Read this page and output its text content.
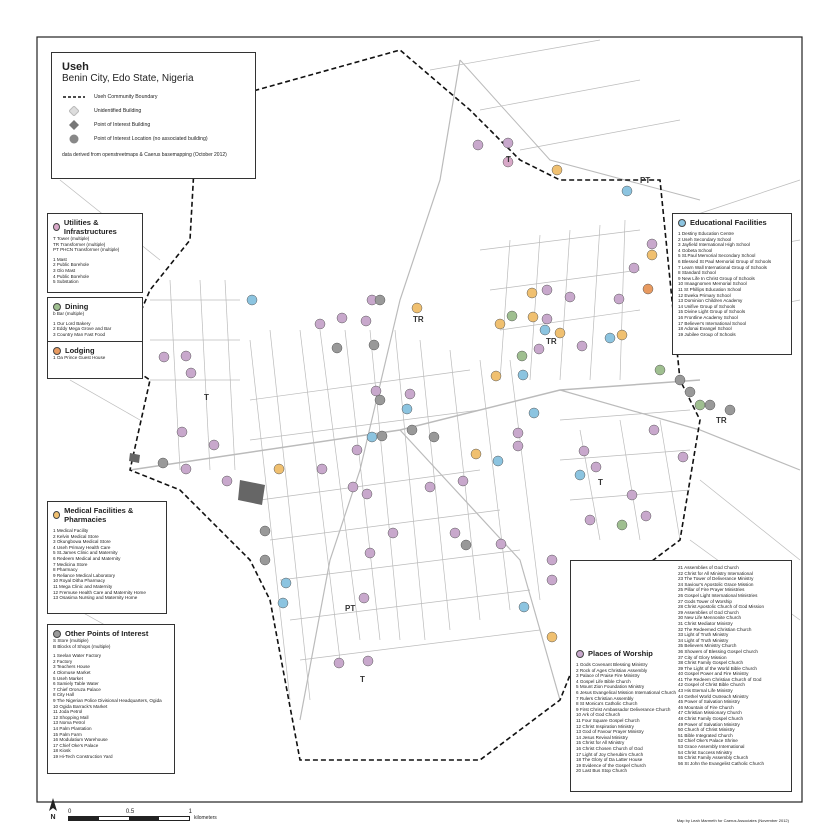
T
T
T
PT
TR
TR
TR
PT
T
Useh
Benin City, Edo State, Nigeria
Useh Community Boundary
Unidentified Building
Point of Interest Building
Point of Interest Location (no associated building)
data derived from openstreetmaps & Caerus basemapping (October 2012)
Utilities & Infrastructures
T Tower (multiple)
TR Transformer (multiple)
PT PHCN Transformer (multiple)
1 Mast
2 Public Borehole
3 Glo Mast
4 Public Borehole
5 Substation
Dining
b Bar (multiple)
1 Our Lord Bakery
2 Eddy Mega Grove and Bar
3 Country Man Fast Food
Lodging
1 Oa Prince Guest House
Medical Facilities & Pharmacies
1 Medical Facility
2 Kelvin Medical Store
3 Okungbowa Medical Store
4 Useh Primary Health Care
5 St.James Clinic and Maternity
6 Redeem Medical and Maternity
7 Medicina Store
8 Pharmacy
9 Reliance Medical Laboratory
10 Royal Ditha Pharmacy
11 Mega Clinic and Maternity
12 Fremuse Health Care and Maternity Home
13 Osasima Nursing and Maternity Home
Other Points of Interest
S Store (multiple)
B Blocks of Shops (multiple)
1 Seelan Water Factory
2 Factory
3 Teachers House
4 Olomuse Market
5 Useh Market
6 Samiely Table Water
7 Chief Ororuza Palace
8 City Hall
9 The Nigerian Police Divisional Headquarters, Ogida
10 Ogida Barrack's Market
11 Joda Petrol
12 Shopping Mall
13 Noma Petrol
14 Palm Plantation
15 Palm Farm
16 Modulatium Warehouse
17 Chief Oke's Palace
18 Kiosk
19 Hi-Tech Construction Yard
Educational Facilities
1 Destiny Education Centre
2 Useh Secondary School
3 Jayfield International High School
4 Gobeta School
5 St.Paul Memorial Secondary School
6 Blessed St Paul Memorial Group of Schools
7 Learn Wall International Group of Schools
8 Standard School
9 New Life In Christ Group of Schools
10 Imaagnomen Memorial School
11 St Phillips Education School
12 Eweka Primary School
13 Dominion Children Academy
14 Unifive Group of Schools
15 Divine Light Group of Schools
16 Frontline Academy School
17 Believer's International School
18 Adonai Evangel School
19 Jubilee Group of Schools
21 Assemblies of God Church
22 Christ for All Ministry International
23 The Tower of Deliverance Ministry
24 Saviour's Apostolic Grace Mission
25 Pillar of Fire Prayer Ministries
26 Gospel Light International Ministries
27 Gods Tower of Worship
28 Christ Apostolic Church of God Mission
29 Assemblies of God Church
30 New Life Mennonite Church
31 Christ Mediator Ministry
32 The Redeemed Christian Church
33 Light of Truth Ministry
34 Light of Truth Ministry
35 Believers Ministry Church
36 Showers of Blessing Gospel Church
37 City of Glory Mission
38 Christ Family Gospel Church
39 The Light of the World Bible Church
40 Gospel Power and Fire Ministry
41 The Redeem Christian Church of God
42 Gospel of Christ Bible Church
43 His Eternal Life Ministry
44 Gethel World Outreach Ministry
45 Power of Salvation Ministry
46 Mountain of Fire Church
47 Christian Missionary Church
48 Christ Family Gospel Church
49 Power of Salvation Ministry
50 Church of Christ Ministry
51 Bible Integrated Church
52 Chief Oke's Palace Shrine
53 Grace Assembly International
54 Christ Success Ministry
55 Christ Family Assembly Church
56 St John the Evangelist Catholic Church
Places of Worship
1 Gods Covenant Blessing Ministry
2 Rock of Ages Christian Assembly
3 Palace of Praise Fire Ministry
4 Gospel Life Bible Church
5 Mount Zion Foundation Ministry
6 Jesus Evangelical Mission International Church
7 Rulers Christian Assembly
8 St Monica's Catholic Church
9 First Christ Ambassador Deliverance Church
10 Ark of God Church
11 Four Square Gospel Church
12 Christ Inspiration Ministry
13 God of Favour Prayer Ministry
14 Jesus Revival Ministry
15 Christ for All Ministry
16 Christ Chosen Church of God
17 Light of Joy Cherubim Church
18 The Glory of Da Latter House
19 Evidence of the Gospel Church
20 Last Bus Stop Church
N
0	0.5	1
kilometers	Map by Leah Marmeth for Caerus Associates (November 2012)
